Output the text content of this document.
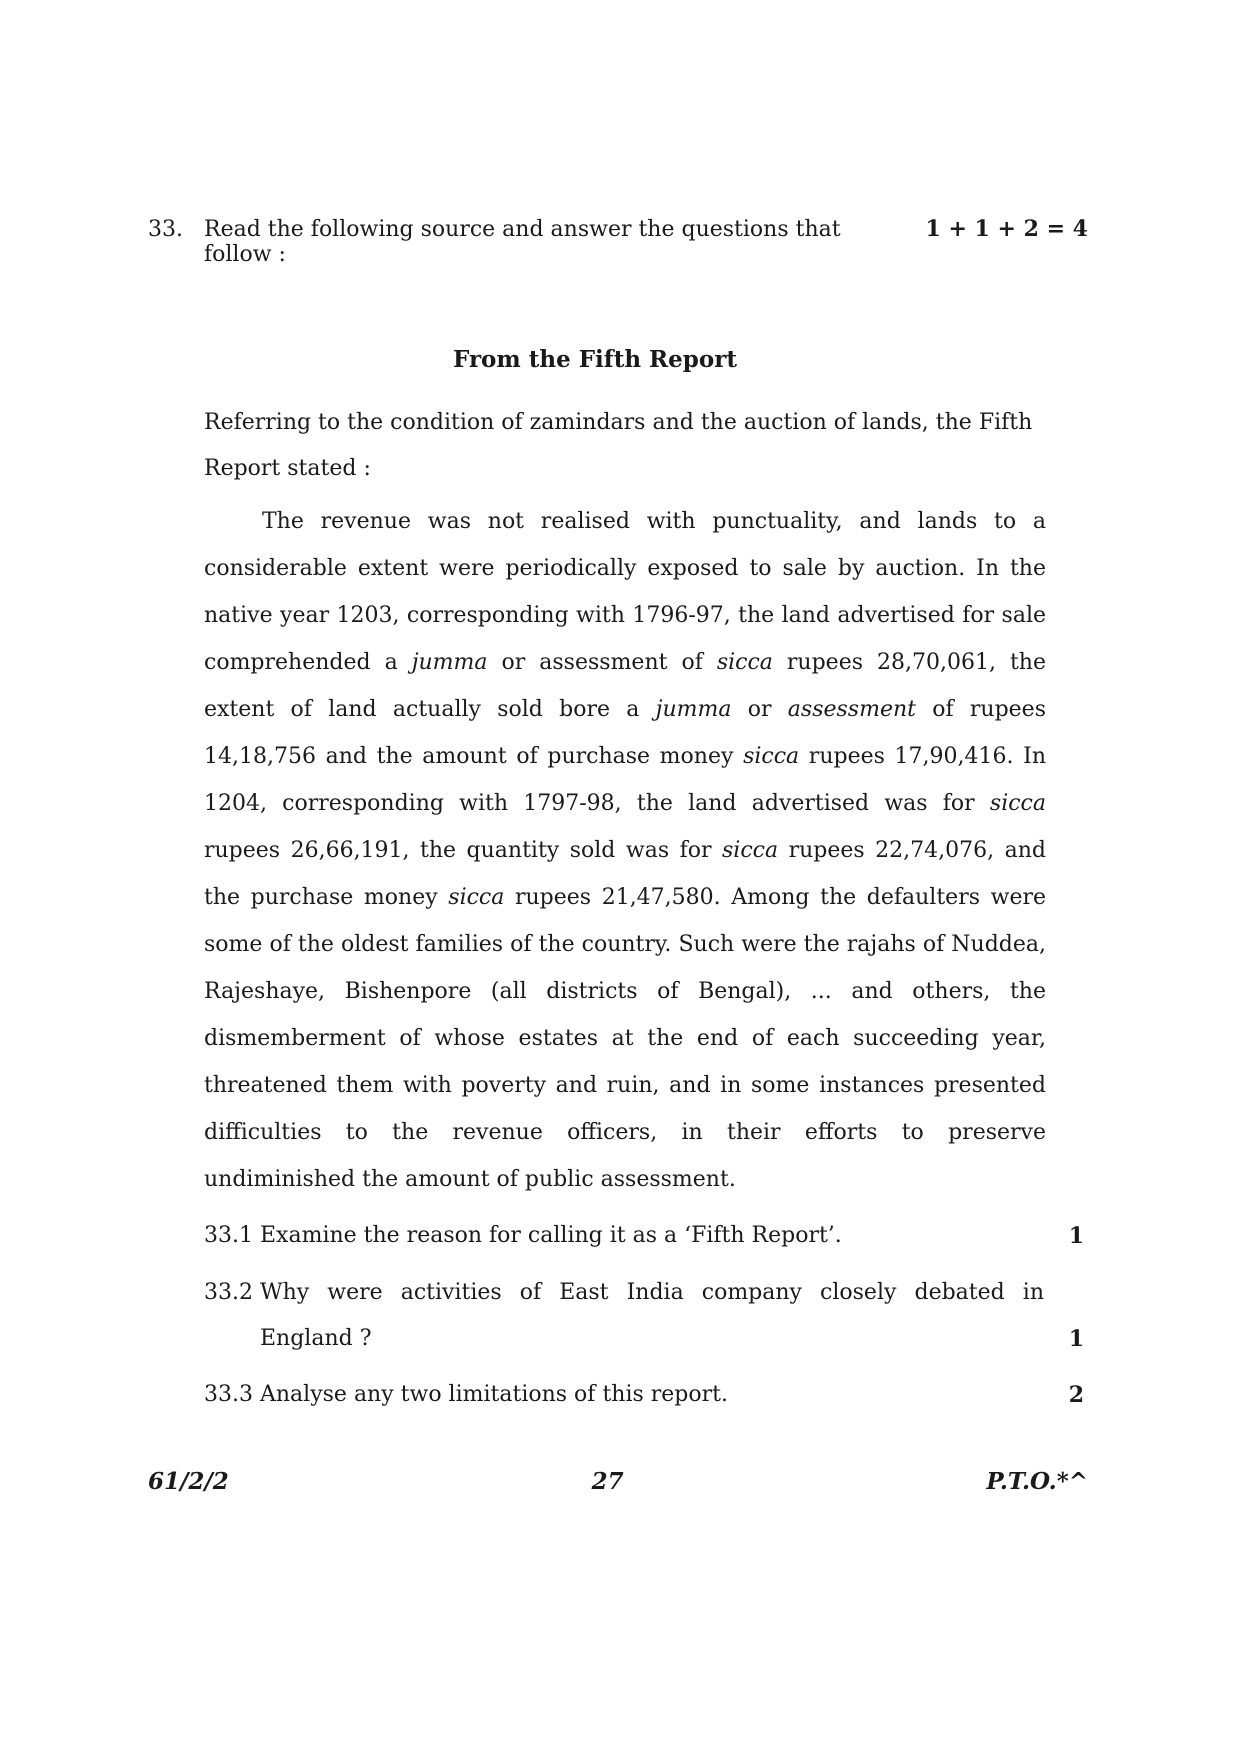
33. Read the following source and answer the questions that follow :
1 + 1 + 2 = 4
From the Fifth Report
Referring to the condition of zamindars and the auction of lands, the Fifth Report stated :
The revenue was not realised with punctuality, and lands to a considerable extent were periodically exposed to sale by auction. In the native year 1203, corresponding with 1796-97, the land advertised for sale comprehended a jumma or assessment of sicca rupees 28,70,061, the extent of land actually sold bore a jumma or assessment of rupees 14,18,756 and the amount of purchase money sicca rupees 17,90,416. In 1204, corresponding with 1797-98, the land advertised was for sicca rupees 26,66,191, the quantity sold was for sicca rupees 22,74,076, and the purchase money sicca rupees 21,47,580. Among the defaulters were some of the oldest families of the country. Such were the rajahs of Nuddea, Rajeshaye, Bishenpore (all districts of Bengal), ... and others, the dismemberment of whose estates at the end of each succeeding year, threatened them with poverty and ruin, and in some instances presented difficulties to the revenue officers, in their efforts to preserve undiminished the amount of public assessment.
33.1 Examine the reason for calling it as a ‘Fifth Report’.	1
33.2 Why were activities of East India company closely debated in England ?	1
33.3 Analyse any two limitations of this report.	2
61/2/2	27	P.T.O.*^
